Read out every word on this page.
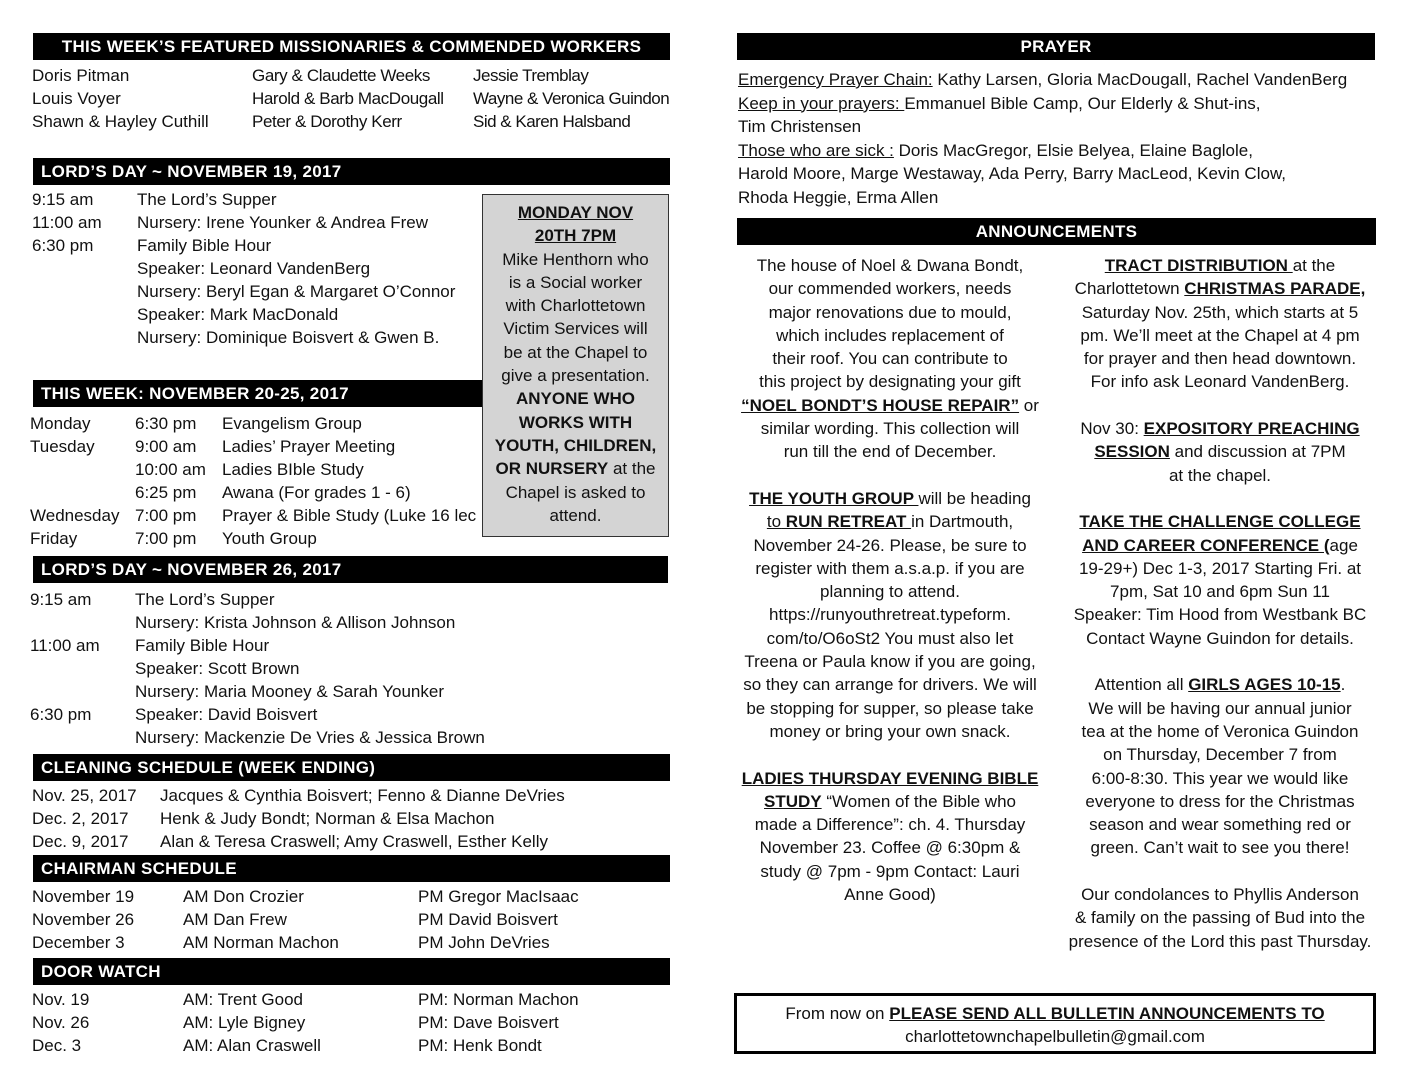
THIS WEEK’S FEATURED MISSIONARIES & COMMENDED WORKERS
Doris Pitman
Louis Voyer
Shawn & Hayley Cuthill
Gary & Claudette Weeks
Harold & Barb MacDougall
Peter & Dorothy Kerr
Jessie Tremblay
Wayne & Veronica Guindon
Sid & Karen Halsband
LORD’S DAY ~ NOVEMBER 19, 2017
9:15 am
11:00 am
6:30 pm
The Lord’s Supper
Nursery: Irene Younker & Andrea Frew
Family Bible Hour
Speaker: Leonard VandenBerg
Nursery: Beryl Egan & Margaret O’Connor
Speaker: Mark MacDonald
Nursery: Dominique Boisvert & Gwen B.
THIS WEEK: NOVEMBER 20-25, 2017
Monday
Tuesday

Wednesday
Friday
6:30 pm
9:00 am
10:00 am
6:25 pm
7:00 pm
7:00 pm
Evangelism Group
Ladies’ Prayer Meeting
Ladies BIble Study
Awana (For grades 1 - 6)
Prayer & Bible Study (Luke 16 lec
Youth Group
MONDAY NOV
20TH 7PM
Mike Henthorn who
is a Social worker
with Charlottetown
Victim Services will
be at the Chapel to
give a presentation.
ANYONE WHO
WORKS WITH
YOUTH, CHILDREN,
OR NURSERY at the
Chapel is asked to
attend.
LORD’S DAY ~ NOVEMBER 26, 2017
9:15 am

11:00 am

6:30 pm
The Lord’s Supper
Nursery: Krista Johnson & Allison Johnson
Family Bible Hour
Speaker: Scott Brown
Nursery: Maria Mooney & Sarah Younker
Speaker: David Boisvert
Nursery: Mackenzie De Vries & Jessica Brown
CLEANING SCHEDULE (WEEK ENDING)
Nov. 25, 2017
Dec. 2, 2017
Dec. 9, 2017
Jacques & Cynthia Boisvert; Fenno & Dianne DeVries
Henk & Judy Bondt; Norman & Elsa Machon
Alan & Teresa Craswell; Amy Craswell, Esther Kelly
CHAIRMAN SCHEDULE
November 19
November 26
December 3
AM Don Crozier
AM Dan Frew
AM Norman Machon
PM Gregor MacIsaac
PM David Boisvert
PM John DeVries
DOOR WATCH
Nov. 19
Nov. 26
Dec. 3
AM: Trent Good
AM: Lyle Bigney
AM: Alan Craswell
PM: Norman Machon
PM: Dave Boisvert
PM: Henk Bondt
PRAYER
Emergency Prayer Chain: Kathy Larsen, Gloria MacDougall, Rachel VandenBerg
Keep in your prayers: Emmanuel Bible Camp, Our Elderly & Shut-ins,
Tim Christensen
Those who are sick : Doris MacGregor, Elsie Belyea, Elaine Baglole,
Harold Moore, Marge Westaway, Ada Perry, Barry MacLeod, Kevin Clow,
Rhoda Heggie, Erma Allen
ANNOUNCEMENTS
The house of Noel & Dwana Bondt,
our commended workers, needs
major renovations due to mould,
which includes replacement of
their roof. You can contribute to
this project by designating your gift
“NOEL BONDT’S HOUSE REPAIR” or
similar wording. This collection will
run till the end of December.

THE YOUTH GROUP will be heading
to RUN RETREAT in Dartmouth,
November 24-26. Please, be sure to
register with them a.s.a.p. if you are
planning to attend.
https://runyouthretreat.typeform.
com/to/O6oSt2 You must also let
Treena or Paula know if you are going,
so they can arrange for drivers. We will
be stopping for supper, so please take
money or bring your own snack.

LADIES THURSDAY EVENING BIBLE
STUDY “Women of the Bible who
made a Difference”: ch. 4. Thursday
November 23. Coffee @ 6:30pm &
study @ 7pm - 9pm Contact: Lauri
Anne Good)
TRACT DISTRIBUTION at the
Charlottetown CHRISTMAS PARADE,
Saturday Nov. 25th, which starts at 5
pm. We’ll meet at the Chapel at 4 pm
for prayer and then head downtown.
For info ask Leonard VandenBerg.

Nov 30: EXPOSITORY PREACHING
SESSION and discussion at 7PM
at the chapel.

TAKE THE CHALLENGE COLLEGE
AND CAREER CONFERENCE (age
19-29+) Dec 1-3, 2017 Starting Fri. at
7pm, Sat 10 and 6pm Sun 11
Speaker: Tim Hood from Westbank BC
Contact Wayne Guindon for details.

Attention all GIRLS AGES 10-15.
We will be having our annual junior
tea at the home of Veronica Guindon
on Thursday, December 7 from
6:00-8:30. This year we would like
everyone to dress for the Christmas
season and wear something red or
green. Can’t wait to see you there!

Our condolances to Phyllis Anderson
& family on the passing of Bud into the
presence of the Lord this past Thursday.
From now on PLEASE SEND ALL BULLETIN ANNOUNCEMENTS TO
charlottetownchapelbulletin@gmail.com
